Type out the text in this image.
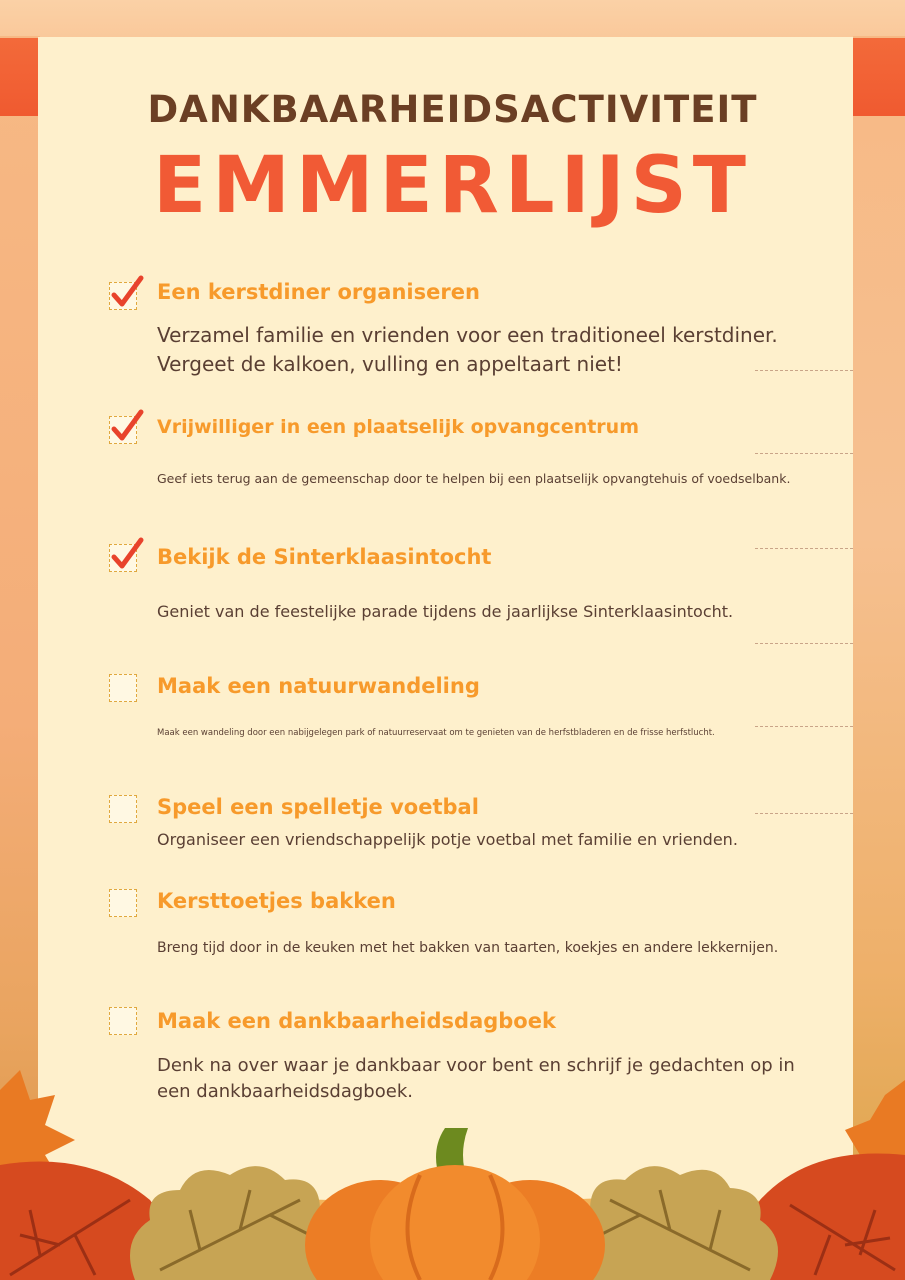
DANKBAARHEIDSACTIVITEIT
EMMERLIJST
Een kerstdiner organiseren
Verzamel familie en vrienden voor een traditioneel kerstdiner. Vergeet de kalkoen, vulling en appeltaart niet!
Vrijwilliger in een plaatselijk opvangcentrum
Geef iets terug aan de gemeenschap door te helpen bij een plaatselijk opvangtehuis of voedselbank.
Bekijk de Sinterklaasintocht
Geniet van de feestelijke parade tijdens de jaarlijkse Sinterklaasintocht.
Maak een natuurwandeling
Maak een wandeling door een nabijgelegen park of natuurreservaat om te genieten van de herfstbladeren en de frisse herfstlucht.
Speel een spelletje voetbal
Organiseer een vriendschappelijk potje voetbal met familie en vrienden.
Kersttoetjes bakken
Breng tijd door in de keuken met het bakken van taarten, koekjes en andere lekkernijen.
Maak een dankbaarheidsdagboek
Denk na over waar je dankbaar voor bent en schrijf je gedachten op in een dankbaarheidsdagboek.
